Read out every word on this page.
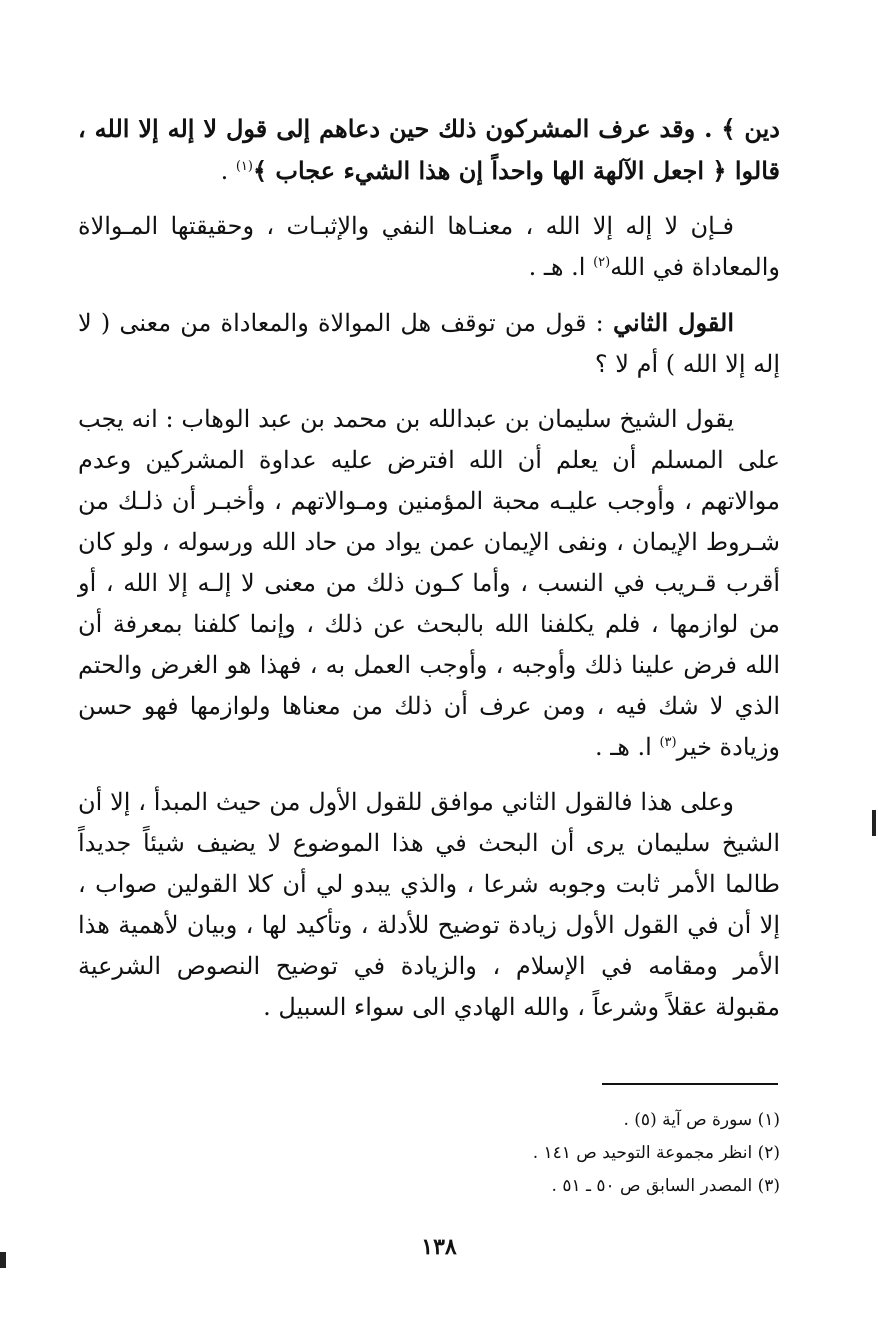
دين ﴾ . وقد عرف المشركون ذلك حين دعاهم إلى قول لا إله إلا الله ، قالوا ﴿ اجعل الآلهة الها واحداً إن هذا الشيء عجاب ﴾$^{(١)}$ .

فـإن لا إله إلا الله ، معنـاها النفي والإثبـات ، وحقيقتها المـوالاة والمعاداة في الله$^{(٢)}$ ا. هـ .

القول الثاني : قول من توقف هل الموالاة والمعاداة من معنى ( لا إله إلا الله ) أم لا ؟

يقول الشيخ سليمان بن عبدالله بن محمد بن عبد الوهاب : انه يجب على المسلم أن يعلم أن الله افترض عليه عداوة المشركين وعدم موالاتهم ، وأوجب عليـه محبة المؤمنين ومـوالاتهم ، وأخبـر أن ذلـك من شـروط الإيمان ، ونفى الإيمان عمن يواد من حاد الله ورسوله ، ولو كان أقرب قـريب في النسب ، وأما كـون ذلك من معنى لا إلـه إلا الله ، أو من لوازمها ، فلم يكلفنا الله بالبحث عن ذلك ، وإنما كلفنا بمعرفة أن الله فرض علينا ذلك وأوجبه ، وأوجب العمل به ، فهذا هو الغرض والحتم الذي لا شك فيه ، ومن عرف أن ذلك من معناها ولوازمها فهو حسن وزيادة خير$^{(٣)}$ ا. هـ .

وعلى هذا فالقول الثاني موافق للقول الأول من حيث المبدأ ، إلا أن الشيخ سليمان يرى أن البحث في هذا الموضوع لا يضيف شيئاً جديداً طالما الأمر ثابت وجوبه شرعا ، والذي يبدو لي أن كلا القولين صواب ، إلا أن في القول الأول زيادة توضيح للأدلة ، وتأكيد لها ، وبيان لأهمية هذا الأمر ومقامه في الإسلام ، والزيادة في توضيح النصوص الشرعية مقبولة عقلاً وشرعاً ، والله الهادي الى سواء السبيل .

(١) سورة ص آية (٥) .

(٢) انظر مجموعة التوحيد ص ١٤١ .

(٣) المصدر السابق ص ٥٠ ـ ٥١ .

١٣٨
